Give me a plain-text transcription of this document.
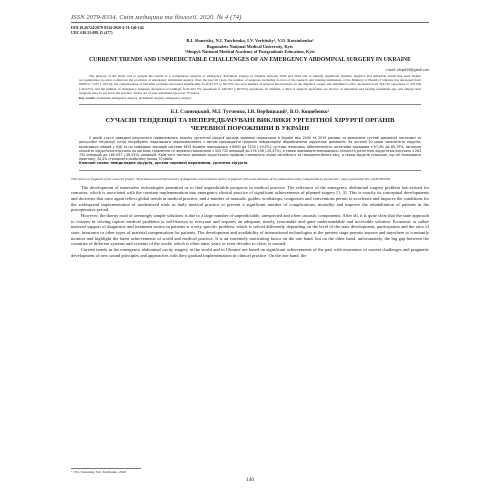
ISSN 2079-8334. Світ медицини та біології. 2020. № 4 (74)
DOI 10.26724/2079-8334-2020-4-74-140-144
UDC 616.55-089.15 (477)
B.I. Slonetsky, N.I. Tutchenko, I.V. Verbitsky¹, V.O. Kotsiubenko¹
Bogomolets National Medical University, Kyiv
¹Shupyk National Medical Academy of Postgraduate Education, Kyiv
CURRENT TRENDS AND UNPREDICTABLE CHALLENGES OF AN EMERGENCY ABDOMINAL SURGERY IN UKRAINE
e-mail: skopdc60@gmail.com
The purpose of the study was to present the results of a comparative analysis of emergency abdominal surgery in Ukraine between 2000 and 2019 and to identify significant dynamic negative and debatable trends that need further reconsideration in order to improve the provision of emergency abdominal surgery. Over the past 20 years, the number of surgeons, including doctors of the research and training institutions of the Ministry of Health of Ukraine has decreased from 8,990 to 7,233 (-19.5%); the complications of full-time positions decreased significantly from 97.4% to 69.79%; the total number of surgical interventions on the digestive organs and abdominal cavity decreased from 344,732 operations to 276,196 (-20.47%), and the number of emergency surgeries decreased accordingly from 263,732 operations to 160,057 (-38.53%) operations. In addition, a third of surgical specialists are doctors of retirement and nearing retirement age, and among rural surgeons who do not leave the practice, 34.4% are of past retirement age (over 70 years).
Key words: abdominal emergency surgery, abdominal surgery, emergency surgery
Б.І. Слонецький, М.І. Тутченко, І.В. Вербицький¹, В.О. Коцюбенко¹
СУЧАСНІ ТЕНДЕНЦІЇ ТА НЕПЕРЕДБАЧУВАНІ ВИКЛИКИ УРГЕНТНОЇ ХІРУРГІЇ ОРГАНІВ ЧЕРЕВНОЇ ПОРОЖНИНИ В УКРАЇНІ
У даній статті наведені результати порівняльного аналізу ургентної хірургії органів черевної порожнини в Україні між 2000 та 2019 роками та визначено суттєві динамічні негативні та дискусійні тенденції, котрі потребують подальшого переосмислення з метою покращання надання невідкладної абдомінальної хірургічної допомоги. За останні 20 років чисельність хірургів, включаючи лікарів у НДІ та на кафедрах закладів системи МОЗ України зменшилась з 8990 до 7233 (-19,5%); суттєво знизилась забезпеченість штатними посадами з 97,4% до 69,79%; загальна кількість хірургічних втручань на органах травлення та черевної порожнини з 344 732 операцій до 276 196 (-20,47%), а також відповідно зменшилась і кількість ургентних хірургічних втручань з 263 732 операцій до 160 057 (-38,53%) операцій. Крім того третина фахівців хірургічного профілю становлять лікарі пенсійного та передпенсійного віку, а серед хірургів сільських, що не полишають практику, 34,4% становлять особи віку понад 70 років.
Ключові слова: невідкладна хірургія, органи черевної порожнини, ургентна хірургія.
This work is a fragment of the research project "Development and improvement of diagnostic and treatment tactics in patients with acute diseases of the abdominal cavity complicated by peritonitis", state registration No. 0118U003958.

The development of innovative technologies permitted us to find unpredictable prospects in medical practice. The relevance of the emergency abdominal surgery problem has existed for centuries, which is associated with the constant implementation into emergency clinical practice of significant achievements of planned surgery [1, 3]. This is exactly its conceptual developments and doctrines that once again reflect global trends in medical practice, and a number of manuals, guides, workshops, congresses and conventions permit to accelerate and improve the conditions for the widespread implementation of modernized trials in daily medical practice to prevent a significant number of complications, mortality and improve the rehabilitation of patients in the postoperative period.

However, the thorny road of seemingly simple solutions is due to a large number of unpredictable, unexpected and often casuistic components. After all, it is quite clear that the state approach to citizens in solving topical medical problems is well-known to everyone and requires an adequate, timely, reasonable and quite understandable and accessible solution. Economic or rather material support of diagnostic and treatment tactics in patients is a very specific problem, which is solved differently depending on the level of the state development, participation and the ratio of state, insurance or other types of material compensation for patients. The development and availability of international technologies at the present stage permits anyone and anywhere to constantly monitor and highlight the latest achievements of world and medical practice. It is an extremely motivating factor on the one hand, but on the other hand, unfortunately, the big gap between the countries of different systems and systems of the world, which is often takes years or even decades to close, is ensued.

Current trends in the emergency abdominal cavity surgery in the world and in Ukraine are based on significant achievements of the past with awareness of current challenges and pragmatic development of new sound principles and approaches with their gradual implementation in clinical practice. On the one hand, the

© B.I. Slonetsky, N.I. Tutchenko, 2020
140
